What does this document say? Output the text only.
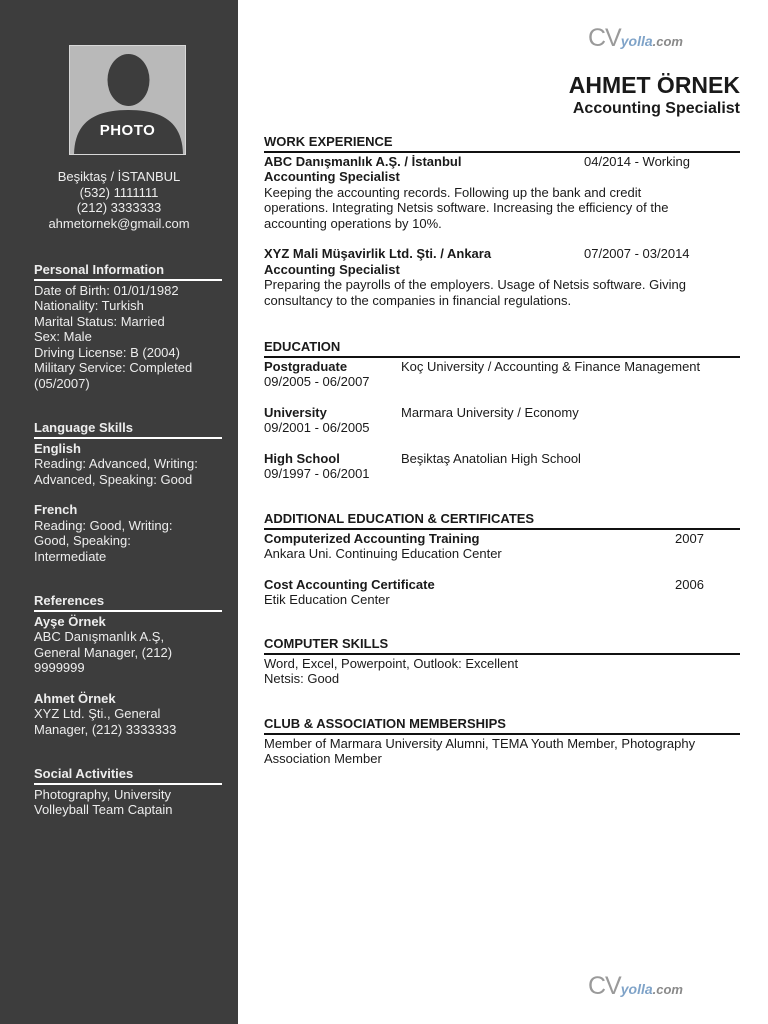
PHOTO
Beşiktaş / İSTANBUL
(532) 1111111
(212) 3333333
ahmetornek@gmail.com
Personal Information
Date of Birth: 01/01/1982
Nationality: Turkish
Marital Status: Married
Sex: Male
Driving License: B (2004)
Military Service: Completed
(05/2007)
Language Skills
English
Reading: Advanced, Writing:
Advanced, Speaking: Good
French
Reading: Good, Writing:
Good, Speaking:
Intermediate
References
Ayşe Örnek
ABC Danışmanlık A.Ş,
General Manager, (212)
9999999
Ahmet Örnek
XYZ Ltd. Şti., General
Manager, (212) 3333333
Social Activities
Photography, University
Volleyball Team Captain
CVyolla.com
CVyolla.com
AHMET ÖRNEK
Accounting Specialist
WORK EXPERIENCE
ABC Danışmanlık A.Ş. / İstanbul	04/2014 - Working
Accounting Specialist
Keeping the accounting records. Following up the bank and credit
operations. Integrating Netsis software. Increasing the efficiency of the
accounting operations by 10%.
XYZ Mali Müşavirlik Ltd. Şti. / Ankara	07/2007 - 03/2014
Accounting Specialist
Preparing the payrolls of the employers. Usage of Netsis software. Giving
consultancy to the companies in financial regulations.
EDUCATION
Postgraduate	Koç University / Accounting & Finance Management
09/2005 - 06/2007
University	Marmara University / Economy
09/2001 - 06/2005
High School	Beşiktaş Anatolian High School
09/1997 - 06/2001
ADDITIONAL EDUCATION & CERTIFICATES
Computerized Accounting Training	2007
Ankara Uni. Continuing Education Center
Cost Accounting Certificate	2006
Etik Education Center
COMPUTER SKILLS
Word, Excel, Powerpoint, Outlook: Excellent
Netsis: Good
CLUB & ASSOCIATION MEMBERSHIPS
Member of Marmara University Alumni, TEMA Youth Member, Photography
Association Member
